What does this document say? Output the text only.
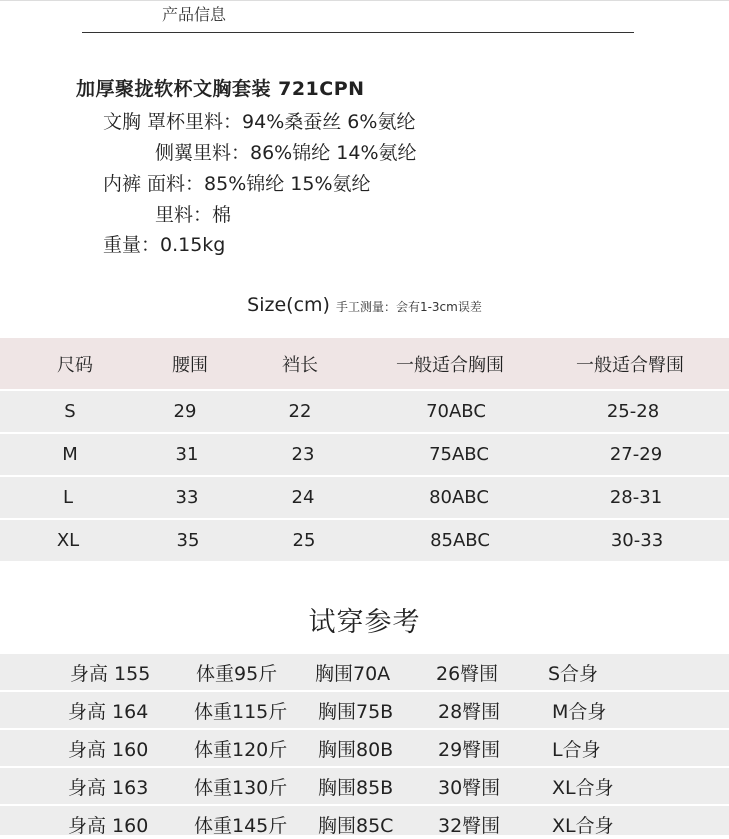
产品信息
加厚聚拢软杯文胸套装 721CPN
文胸 罩杯里料：94%桑蚕丝 6%氨纶
侧翼里料：86%锦纶 14%氨纶
内裤 面料：85%锦纶 15%氨纶
里料：棉
重量：0.15kg
Size(cm) 手工测量：会有1-3cm误差
尺码	腰围	裆长	一般适合胸围	一般适合臀围
S	29	22	70ABC	25-28
M	31	23	75ABC	27-29
L	33	24	80ABC	28-31
XL	35	25	85ABC	30-33
试穿参考
身高 155 体重95斤 胸围70A 26臀围	S合身
身高 164 体重115斤 胸围75B 28臀围	M合身
身高 160 体重120斤 胸围80B 29臀围	L合身
身高 163 体重130斤 胸围85B 30臀围	XL合身
身高 160 体重145斤 胸围85C 32臀围	XL合身
